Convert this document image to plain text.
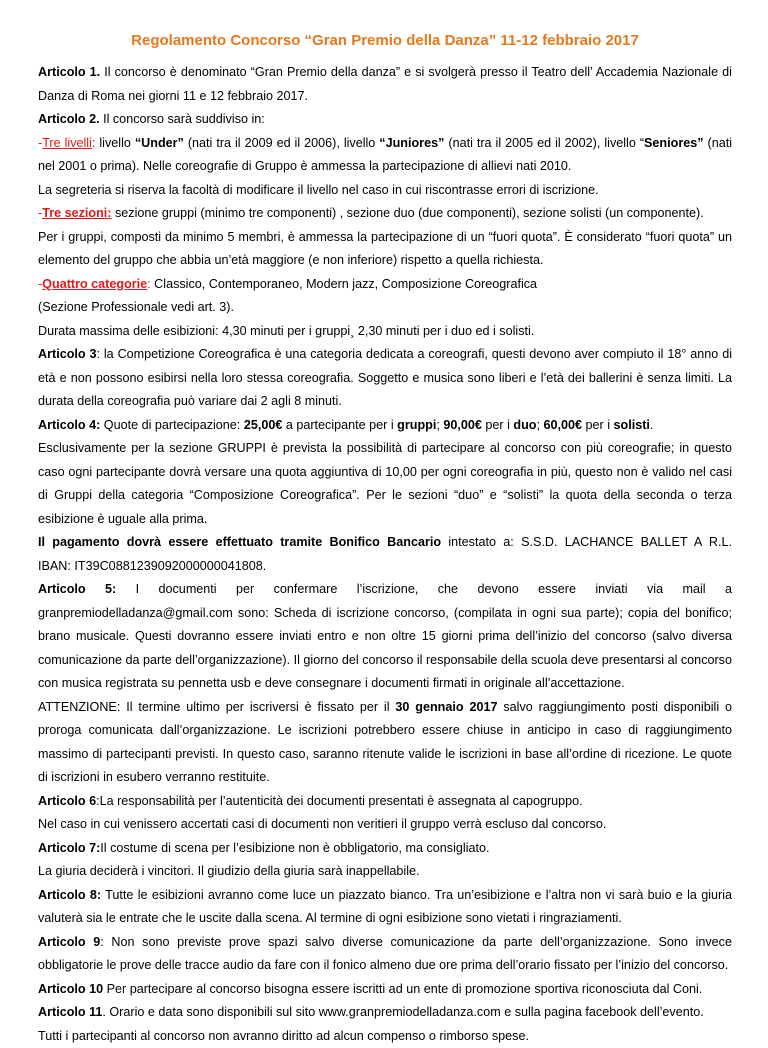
Regolamento Concorso “Gran Premio della Danza” 11-12 febbraio 2017

Articolo 1. Il concorso è denominato “Gran Premio della danza” e si svolgerà presso il Teatro dell’ Accademia Nazionale di Danza di Roma nei giorni 11 e 12 febbraio 2017.

Articolo 2. Il concorso sarà suddiviso in:

-Tre livelli: livello “Under” (nati tra il 2009 ed il 2006), livello “Juniores” (nati tra il 2005 ed il 2002), livello “Seniores” (nati nel 2001 o prima). Nelle coreografie di Gruppo è ammessa la partecipazione di allievi nati 2010.

La segreteria si riserva la facoltà di modificare il livello nel caso in cui riscontrasse errori di iscrizione.

-Tre sezioni: sezione gruppi (minimo tre componenti) , sezione duo (due componenti), sezione solisti (un componente).

Per i gruppi, composti da minimo 5 membri, è ammessa la partecipazione di un “fuori quota”. È considerato “fuori quota” un elemento del gruppo che abbia un’età maggiore (e non inferiore) rispetto a quella richiesta.

-Quattro categorie: Classico, Contemporaneo, Modern jazz, Composizione Coreografica

(Sezione Professionale vedi art. 3).

Durata massima delle esibizioni: 4,30 minuti per i gruppi¸ 2,30 minuti per i duo ed i solisti.

Articolo 3: la Competizione Coreografica è una categoria dedicata a coreografi, questi devono aver compiuto il 18° anno di età e non possono esibirsi nella loro stessa coreografia. Soggetto e musica sono liberi e l’età dei ballerini è senza limiti. La durata della coreografia può variare dai 2 agli 8 minuti.

Articolo 4: Quote di partecipazione: 25,00€ a partecipante per i gruppi; 90,00€ per i duo; 60,00€ per i solisti.

Esclusivamente per la sezione GRUPPI è prevista la possibilità di partecipare al concorso con più coreografie; in questo caso ogni partecipante dovrà versare una quota aggiuntiva di 10,00 per ogni coreografia in più, questo non è valido nel casi di Gruppi della categoria “Composizione Coreografica”. Per le sezioni “duo” e “solisti” la quota della seconda o terza esibizione è uguale alla prima.

Il pagamento dovrà essere effettuato tramite Bonifico Bancario intestato a: S.S.D. LACHANCE BALLET A R.L.

IBAN: IT39C0881239092000000041808.

Articolo 5: I documenti per confermare l’iscrizione, che devono essere inviati via mail a

granpremiodelladanza@gmail.com sono: Scheda di iscrizione concorso, (compilata in ogni sua parte); copia del bonifico; brano musicale. Questi dovranno essere inviati entro e non oltre 15 giorni prima dell’inizio del concorso (salvo diversa comunicazione da parte dell’organizzazione). Il giorno del concorso il responsabile della scuola deve presentarsi al concorso con musica registrata su pennetta usb e deve consegnare i documenti firmati in originale all’accettazione.

ATTENZIONE: Il termine ultimo per iscriversi è fissato per il 30 gennaio 2017 salvo raggiungimento posti disponibili o proroga comunicata dall’organizzazione. Le iscrizioni potrebbero essere chiuse in anticipo in caso di raggiungimento massimo di partecipanti previsti. In questo caso, saranno ritenute valide le iscrizioni in base all’ordine di ricezione. Le quote di iscrizioni in esubero verranno restituite.

Articolo 6:La responsabilità per l’autenticità dei documenti presentati è assegnata al capogruppo.

Nel caso in cui venissero accertati casi di documenti non veritieri il gruppo verrà escluso dal concorso.

Articolo 7:Il costume di scena per l’esibizione non è obbligatorio, ma consigliato.

La giuria deciderà i vincitori. Il giudizio della giuria sarà inappellabile.

Articolo 8: Tutte le esibizioni avranno come luce un piazzato bianco. Tra un’esibizione e l’altra non vi sarà buio e la giuria valuterà sia le entrate che le uscite dalla scena. Al termine di ogni esibizione sono vietati i ringraziamenti.

Articolo 9: Non sono previste prove spazi salvo diverse comunicazione da parte dell’organizzazione. Sono invece obbligatorie le prove delle tracce audio da fare con il fonico almeno due ore prima dell’orario fissato per l’inizio del concorso.

Articolo 10 Per partecipare al concorso bisogna essere iscritti ad un ente di promozione sportiva riconosciuta dal Coni.

Articolo 11. Orario e data sono disponibili sul sito www.granpremiodelladanza.com e sulla pagina facebook dell’evento.

Tutti i partecipanti al concorso non avranno diritto ad alcun compenso o rimborso spese.
